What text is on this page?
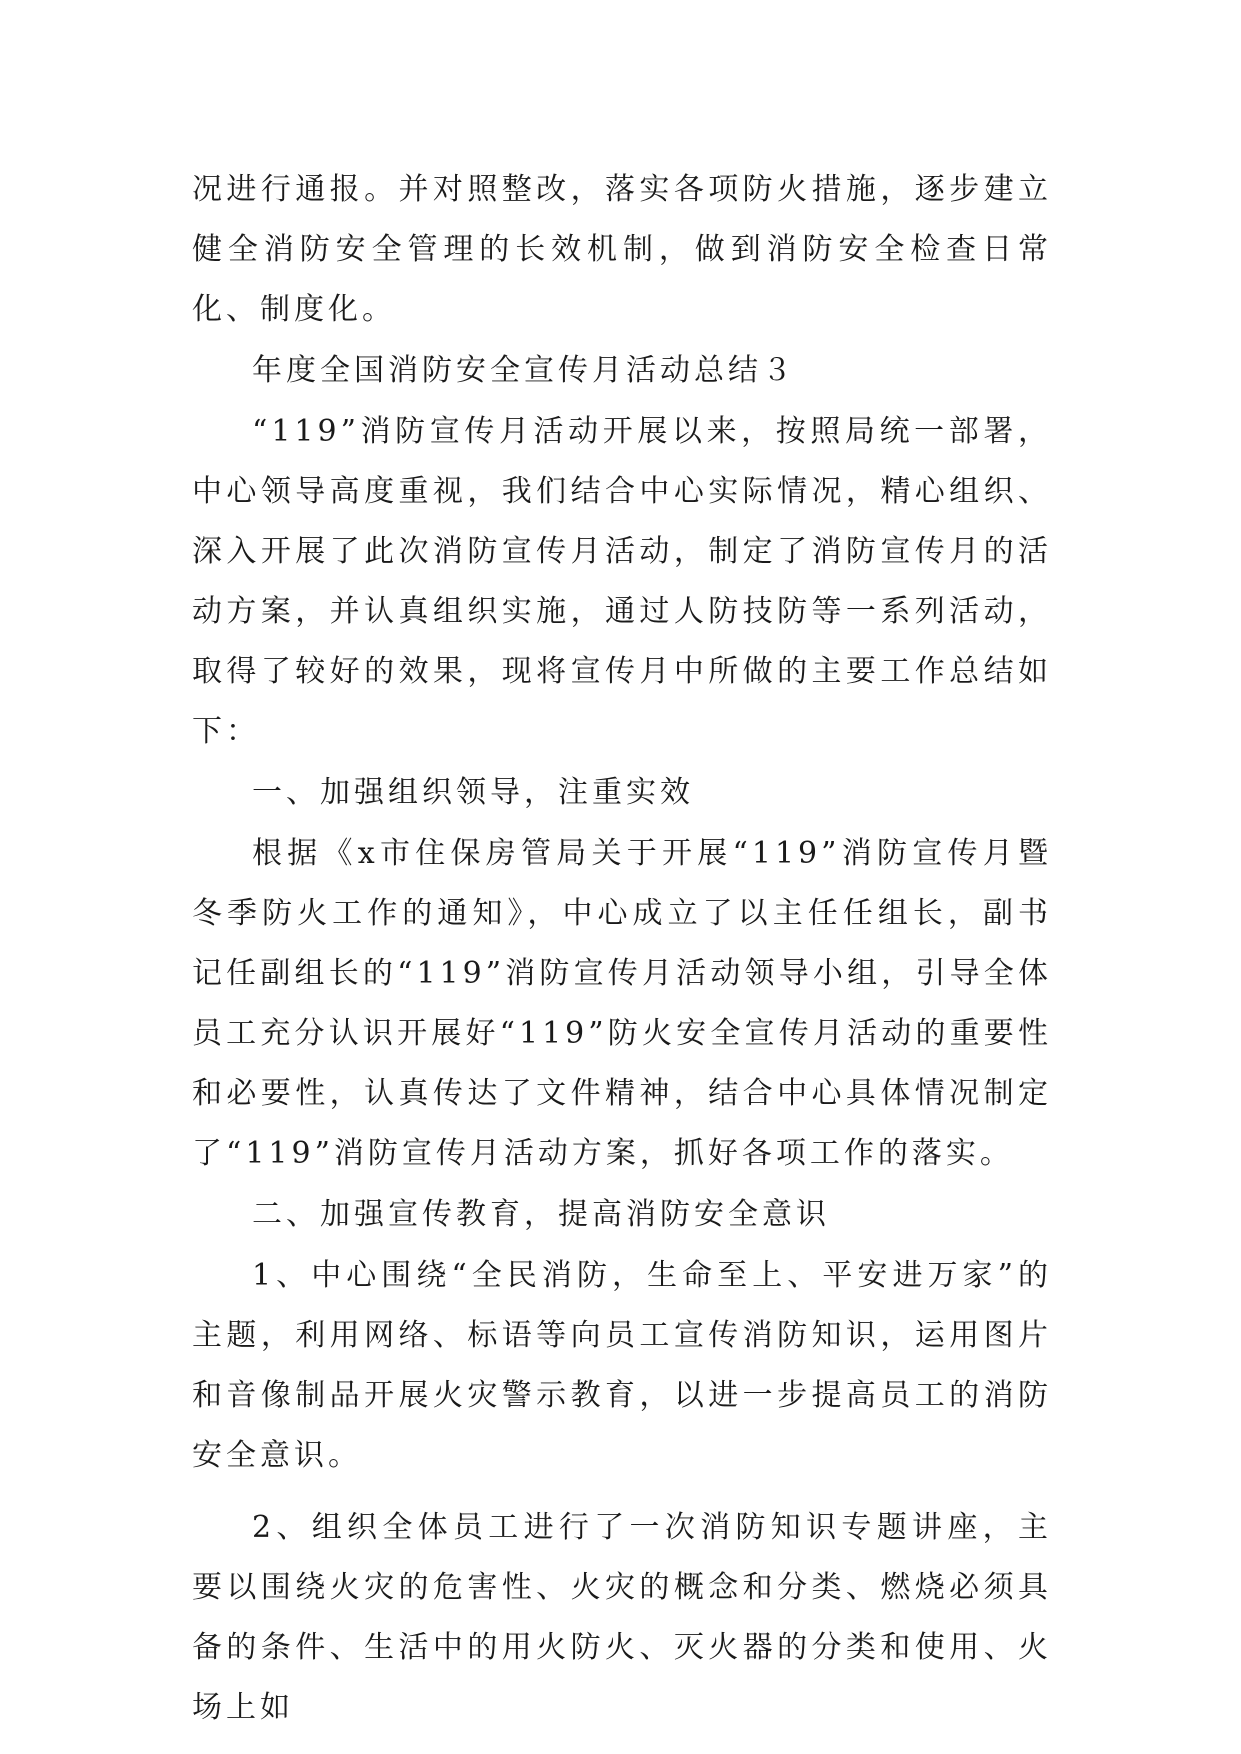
况进行通报。并对照整改，落实各项防火措施，逐步建立健全消防安全管理的长效机制，做到消防安全检查日常化、制度化。

年度全国消防安全宣传月活动总结３

“119”消防宣传月活动开展以来，按照局统一部署，中心领导高度重视，我们结合中心实际情况，精心组织、深入开展了此次消防宣传月活动，制定了消防宣传月的活动方案，并认真组织实施，通过人防技防等一系列活动，取得了较好的效果，现将宣传月中所做的主要工作总结如下：

一、加强组织领导，注重实效

根据《x市住保房管局关于开展“119”消防宣传月暨冬季防火工作的通知》，中心成立了以主任任组长，副书记任副组长的“119”消防宣传月活动领导小组，引导全体员工充分认识开展好“119”防火安全宣传月活动的重要性和必要性，认真传达了文件精神，结合中心具体情况制定了“119”消防宣传月活动方案，抓好各项工作的落实。

二、加强宣传教育，提高消防安全意识

1、中心围绕“全民消防，生命至上、平安进万家”的主题，利用网络、标语等向员工宣传消防知识，运用图片和音像制品开展火灾警示教育，以进一步提高员工的消防安全意识。

2、组织全体员工进行了一次消防知识专题讲座，主要以围绕火灾的危害性、火灾的概念和分类、燃烧必须具备的条件、生活中的用火防火、灭火器的分类和使用、火场上如
